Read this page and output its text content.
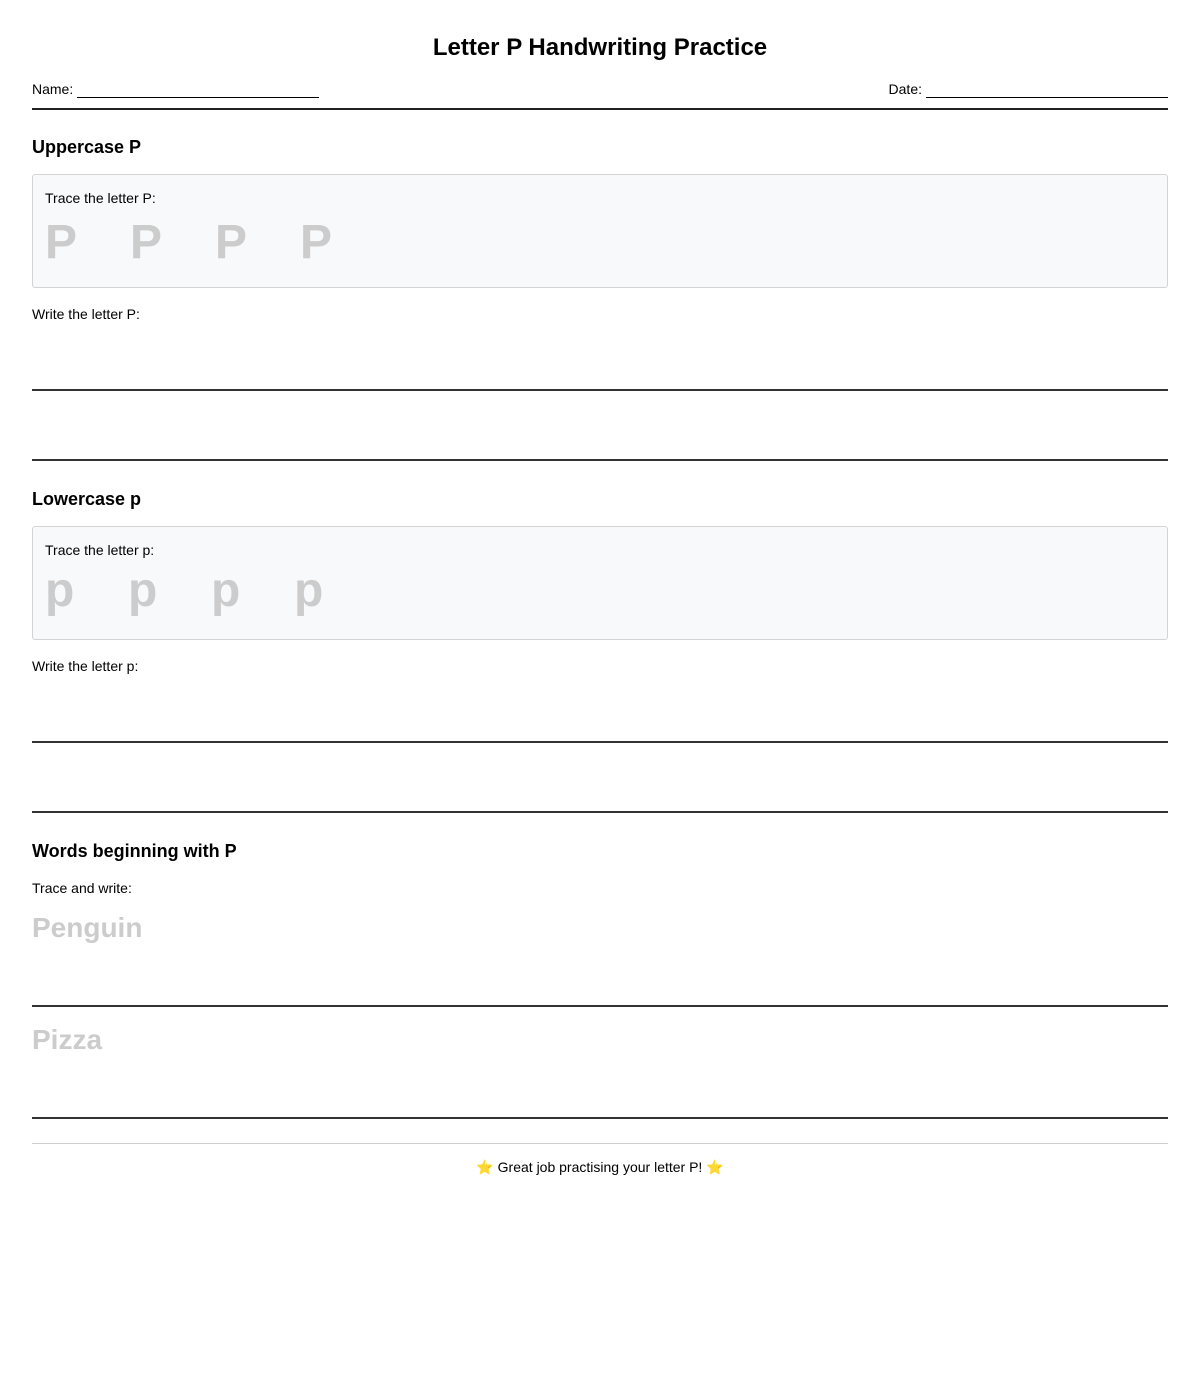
Letter P Handwriting Practice
Name:	Date:
Uppercase P
Trace the letter P:
P	P	P	P
Write the letter P:
Lowercase p
Trace the letter p:
p	p	p	p
Write the letter p:
Words beginning with P
Trace and write:
Penguin
Pizza
⭐ Great job practising your letter P! ⭐
